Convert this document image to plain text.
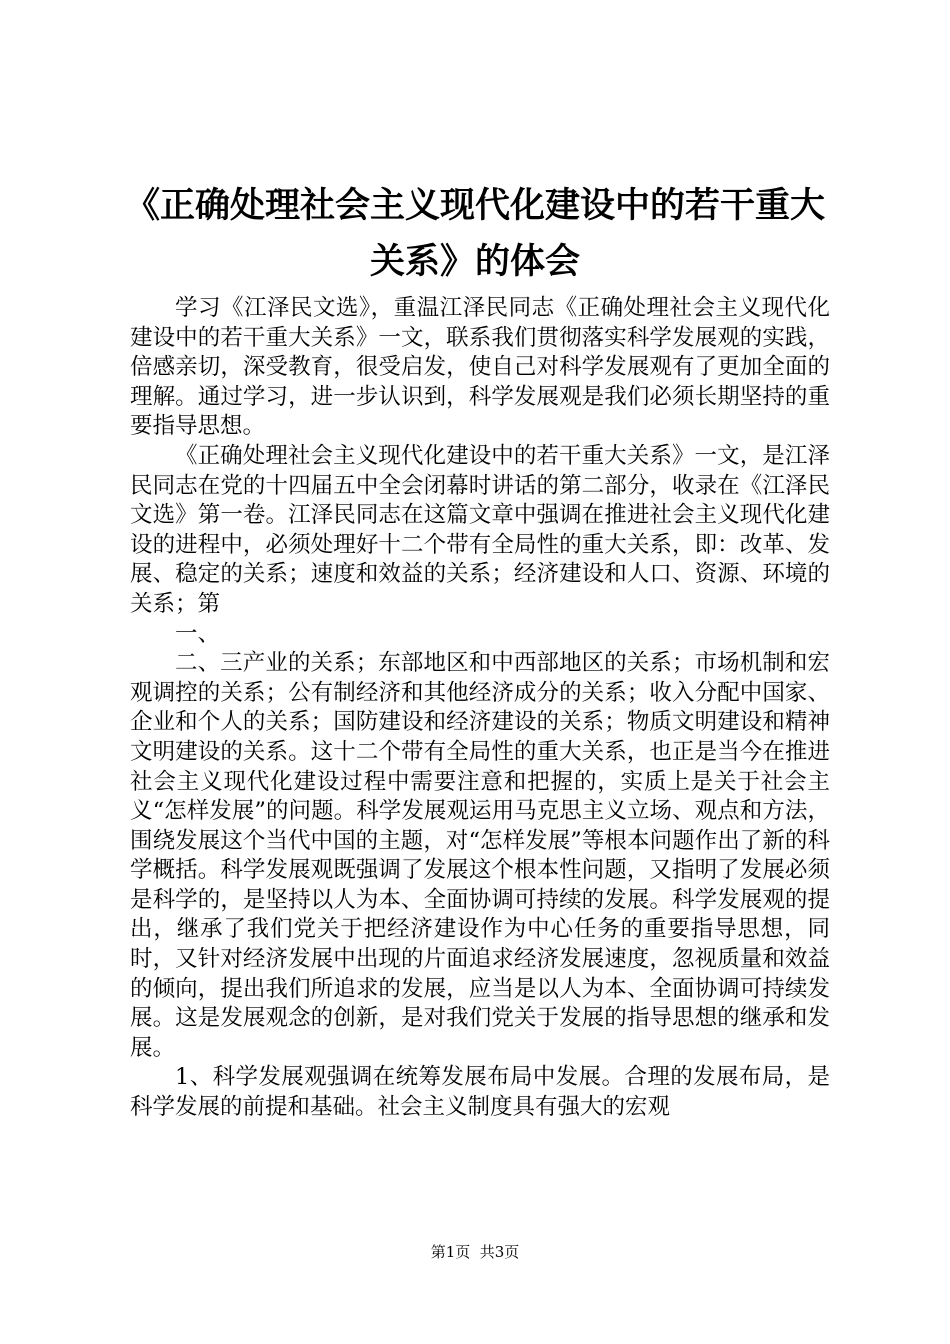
《正确处理社会主义现代化建设中的若干重大
关系》的体会

学习《江泽民文选》，重温江泽民同志《正确处理社会主义现代化建设中的若干重大关系》一文，联系我们贯彻落实科学发展观的实践，倍感亲切，深受教育，很受启发，使自己对科学发展观有了更加全面的理解。通过学习，进一步认识到，科学发展观是我们必须长期坚持的重要指导思想。

《正确处理社会主义现代化建设中的若干重大关系》一文，是江泽民同志在党的十四届五中全会闭幕时讲话的第二部分，收录在《江泽民文选》第一卷。江泽民同志在这篇文章中强调在推进社会主义现代化建设的进程中，必须处理好十二个带有全局性的重大关系，即：改革、发展、稳定的关系；速度和效益的关系；经济建设和人口、资源、环境的关系；第

一、

二、三产业的关系；东部地区和中西部地区的关系；市场机制和宏观调控的关系；公有制经济和其他经济成分的关系；收入分配中国家、企业和个人的关系；国防建设和经济建设的关系；物质文明建设和精神文明建设的关系。这十二个带有全局性的重大关系，也正是当今在推进社会主义现代化建设过程中需要注意和把握的，实质上是关于社会主义“怎样发展”的问题。科学发展观运用马克思主义立场、观点和方法，围绕发展这个当代中国的主题，对“怎样发展”等根本问题作出了新的科学概括。科学发展观既强调了发展这个根本性问题，又指明了发展必须是科学的，是坚持以人为本、全面协调可持续的发展。科学发展观的提出，继承了我们党关于把经济建设作为中心任务的重要指导思想，同时，又针对经济发展中出现的片面追求经济发展速度，忽视质量和效益的倾向，提出我们所追求的发展，应当是以人为本、全面协调可持续发展。这是发展观念的创新，是对我们党关于发展的指导思想的继承和发展。

1、科学发展观强调在统筹发展布局中发展。合理的发展布局，是科学发展的前提和基础。社会主义制度具有强大的宏观

第1页  共3页
